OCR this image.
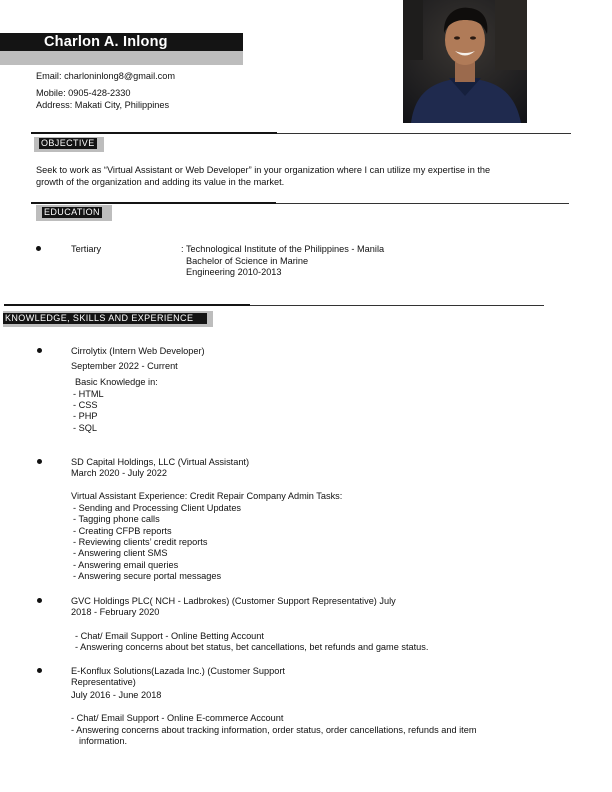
Charlon A. Inlong
Email: charloninlong8@gmail.com
Mobile: 0905-428-2330
Address: Makati City, Philippines
OBJECTIVE
Seek to work as “Virtual Assistant or Web Developer” in your organization where I can utilize my expertise in the
growth of the organization and adding its value in the market.
EDUCATION
Tertiary	: Technological Institute of the Philippines - Manila
Bachelor of Science in Marine
Engineering 2010-2013
KNOWLEDGE, SKILLS AND EXPERIENCE
Cirrolytix (Intern Web Developer)
September 2022 - Current
Basic Knowledge in:
- HTML
- CSS
- PHP
- SQL
SD Capital Holdings, LLC (Virtual Assistant)
March 2020 - July 2022
Virtual Assistant Experience: Credit Repair Company Admin Tasks:
- Sending and Processing Client Updates
- Tagging phone calls
- Creating CFPB reports
- Reviewing clients’ credit reports
- Answering client SMS
- Answering email queries
- Answering secure portal messages
GVC Holdings PLC( NCH - Ladbrokes) (Customer Support Representative) July
2018 - February 2020
- Chat/ Email Support - Online Betting Account
- Answering concerns about bet status, bet cancellations, bet refunds and game status.
E-Konflux Solutions(Lazada Inc.) (Customer Support
Representative)
July 2016 - June 2018
- Chat/ Email Support - Online E-commerce Account
- Answering concerns about tracking information, order status, order cancellations, refunds and item
information.
